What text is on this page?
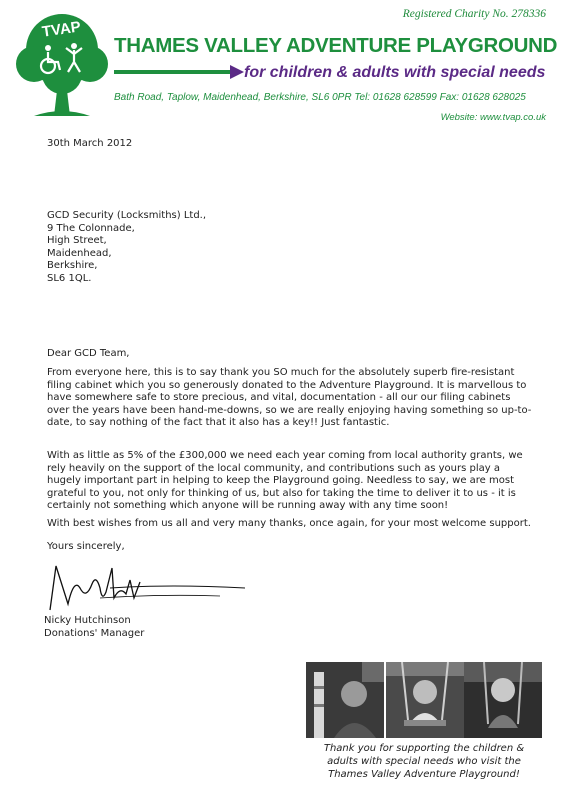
TVAP
Registered Charity No. 278336
THAMES VALLEY ADVENTURE PLAYGROUND
for children & adults with special needs
Bath Road, Taplow, Maidenhead, Berkshire, SL6 0PR Tel: 01628 628599 Fax: 01628 628025
Website: www.tvap.co.uk
30th March 2012
GCD Security (Locksmiths) Ltd.,
9 The Colonnade,
High Street,
Maidenhead,
Berkshire,
SL6 1QL.
Dear GCD Team,
From everyone here, this is to say thank you SO much for the absolutely superb fire-resistant filing cabinet which you so generously donated to the Adventure Playground. It is marvellous to have somewhere safe to store precious, and vital, documentation - all our our filing cabinets over the years have been hand-me-downs, so we are really enjoying having something so up-to-date, to say nothing of the fact that it also has a key!! Just fantastic.
With as little as 5% of the £300,000 we need each year coming from local authority grants, we rely heavily on the support of the local community, and contributions such as yours play a hugely important part in helping to keep the Playground going. Needless to say, we are most grateful to you, not only for thinking of us, but also for taking the time to deliver it to us - it is certainly not something which anyone will be running away with any time soon!
With best wishes from us all and very many thanks, once again, for your most welcome support.
Yours sincerely,
Nicky Hutchinson
Donations' Manager
Thank you for supporting the children &
adults with special needs who visit the
Thames Valley Adventure Playground!
